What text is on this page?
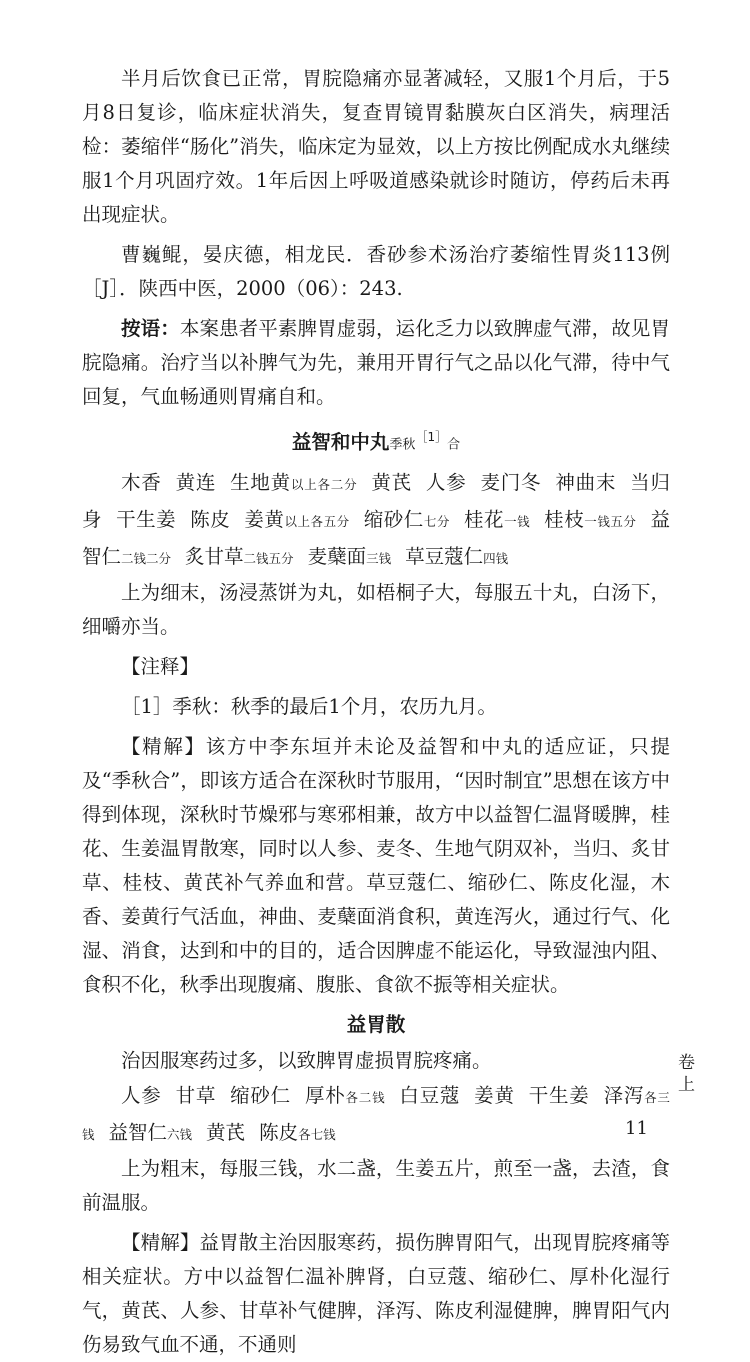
半月后饮食已正常，胃脘隐痛亦显著减轻，又服1个月后，于5月8日复诊，临床症状消失，复查胃镜胃黏膜灰白区消失，病理活检：萎缩伴“肠化”消失，临床定为显效，以上方按比例配成水丸继续服1个月巩固疗效。1年后因上呼吸道感染就诊时随访，停药后未再出现症状。

曹巍鲲，晏庆德，相龙民．香砂参术汤治疗萎缩性胃炎113例［J］．陕西中医，2000（06）：243.

按语：本案患者平素脾胃虚弱，运化乏力以致脾虚气滞，故见胃脘隐痛。治疗当以补脾气为先，兼用开胃行气之品以化气滞，待中气回复，气血畅通则胃痛自和。

益智和中丸季秋$^{[1]}$合

木香 黄连 生地黄以上各二分 黄芪 人参 麦门冬 神曲末 当归身 干生姜 陈皮 姜黄以上各五分 缩砂仁七分 桂花一钱 桂枝一钱五分 益智仁二钱二分 炙甘草二钱五分 麦蘖面三钱 草豆蔻仁四钱

上为细末，汤浸蒸饼为丸，如梧桐子大，每服五十丸，白汤下，细嚼亦当。

【注释】

［1］季秋：秋季的最后1个月，农历九月。

【精解】该方中李东垣并未论及益智和中丸的适应证，只提及“季秋合”，即该方适合在深秋时节服用，“因时制宜”思想在该方中得到体现，深秋时节燥邪与寒邪相兼，故方中以益智仁温肾暖脾，桂花、生姜温胃散寒，同时以人参、麦冬、生地气阴双补，当归、炙甘草、桂枝、黄芪补气养血和营。草豆蔻仁、缩砂仁、陈皮化湿，木香、姜黄行气活血，神曲、麦蘖面消食积，黄连泻火，通过行气、化湿、消食，达到和中的目的，适合因脾虚不能运化，导致湿浊内阻、食积不化，秋季出现腹痛、腹胀、食欲不振等相关症状。

益胃散

治因服寒药过多，以致脾胃虚损胃脘疼痛。

人参 甘草 缩砂仁 厚朴各二钱 白豆蔻 姜黄 干生姜 泽泻各三钱 益智仁六钱 黄芪 陈皮各七钱

上为粗末，每服三钱，水二盏，生姜五片，煎至一盏，去渣，食前温服。

【精解】益胃散主治因服寒药，损伤脾胃阳气，出现胃脘疼痛等相关症状。方中以益智仁温补脾肾，白豆蔻、缩砂仁、厚朴化湿行气，黄芪、人参、甘草补气健脾，泽泻、陈皮利湿健脾，脾胃阳气内伤易致气血不通，不通则

卷上
11
